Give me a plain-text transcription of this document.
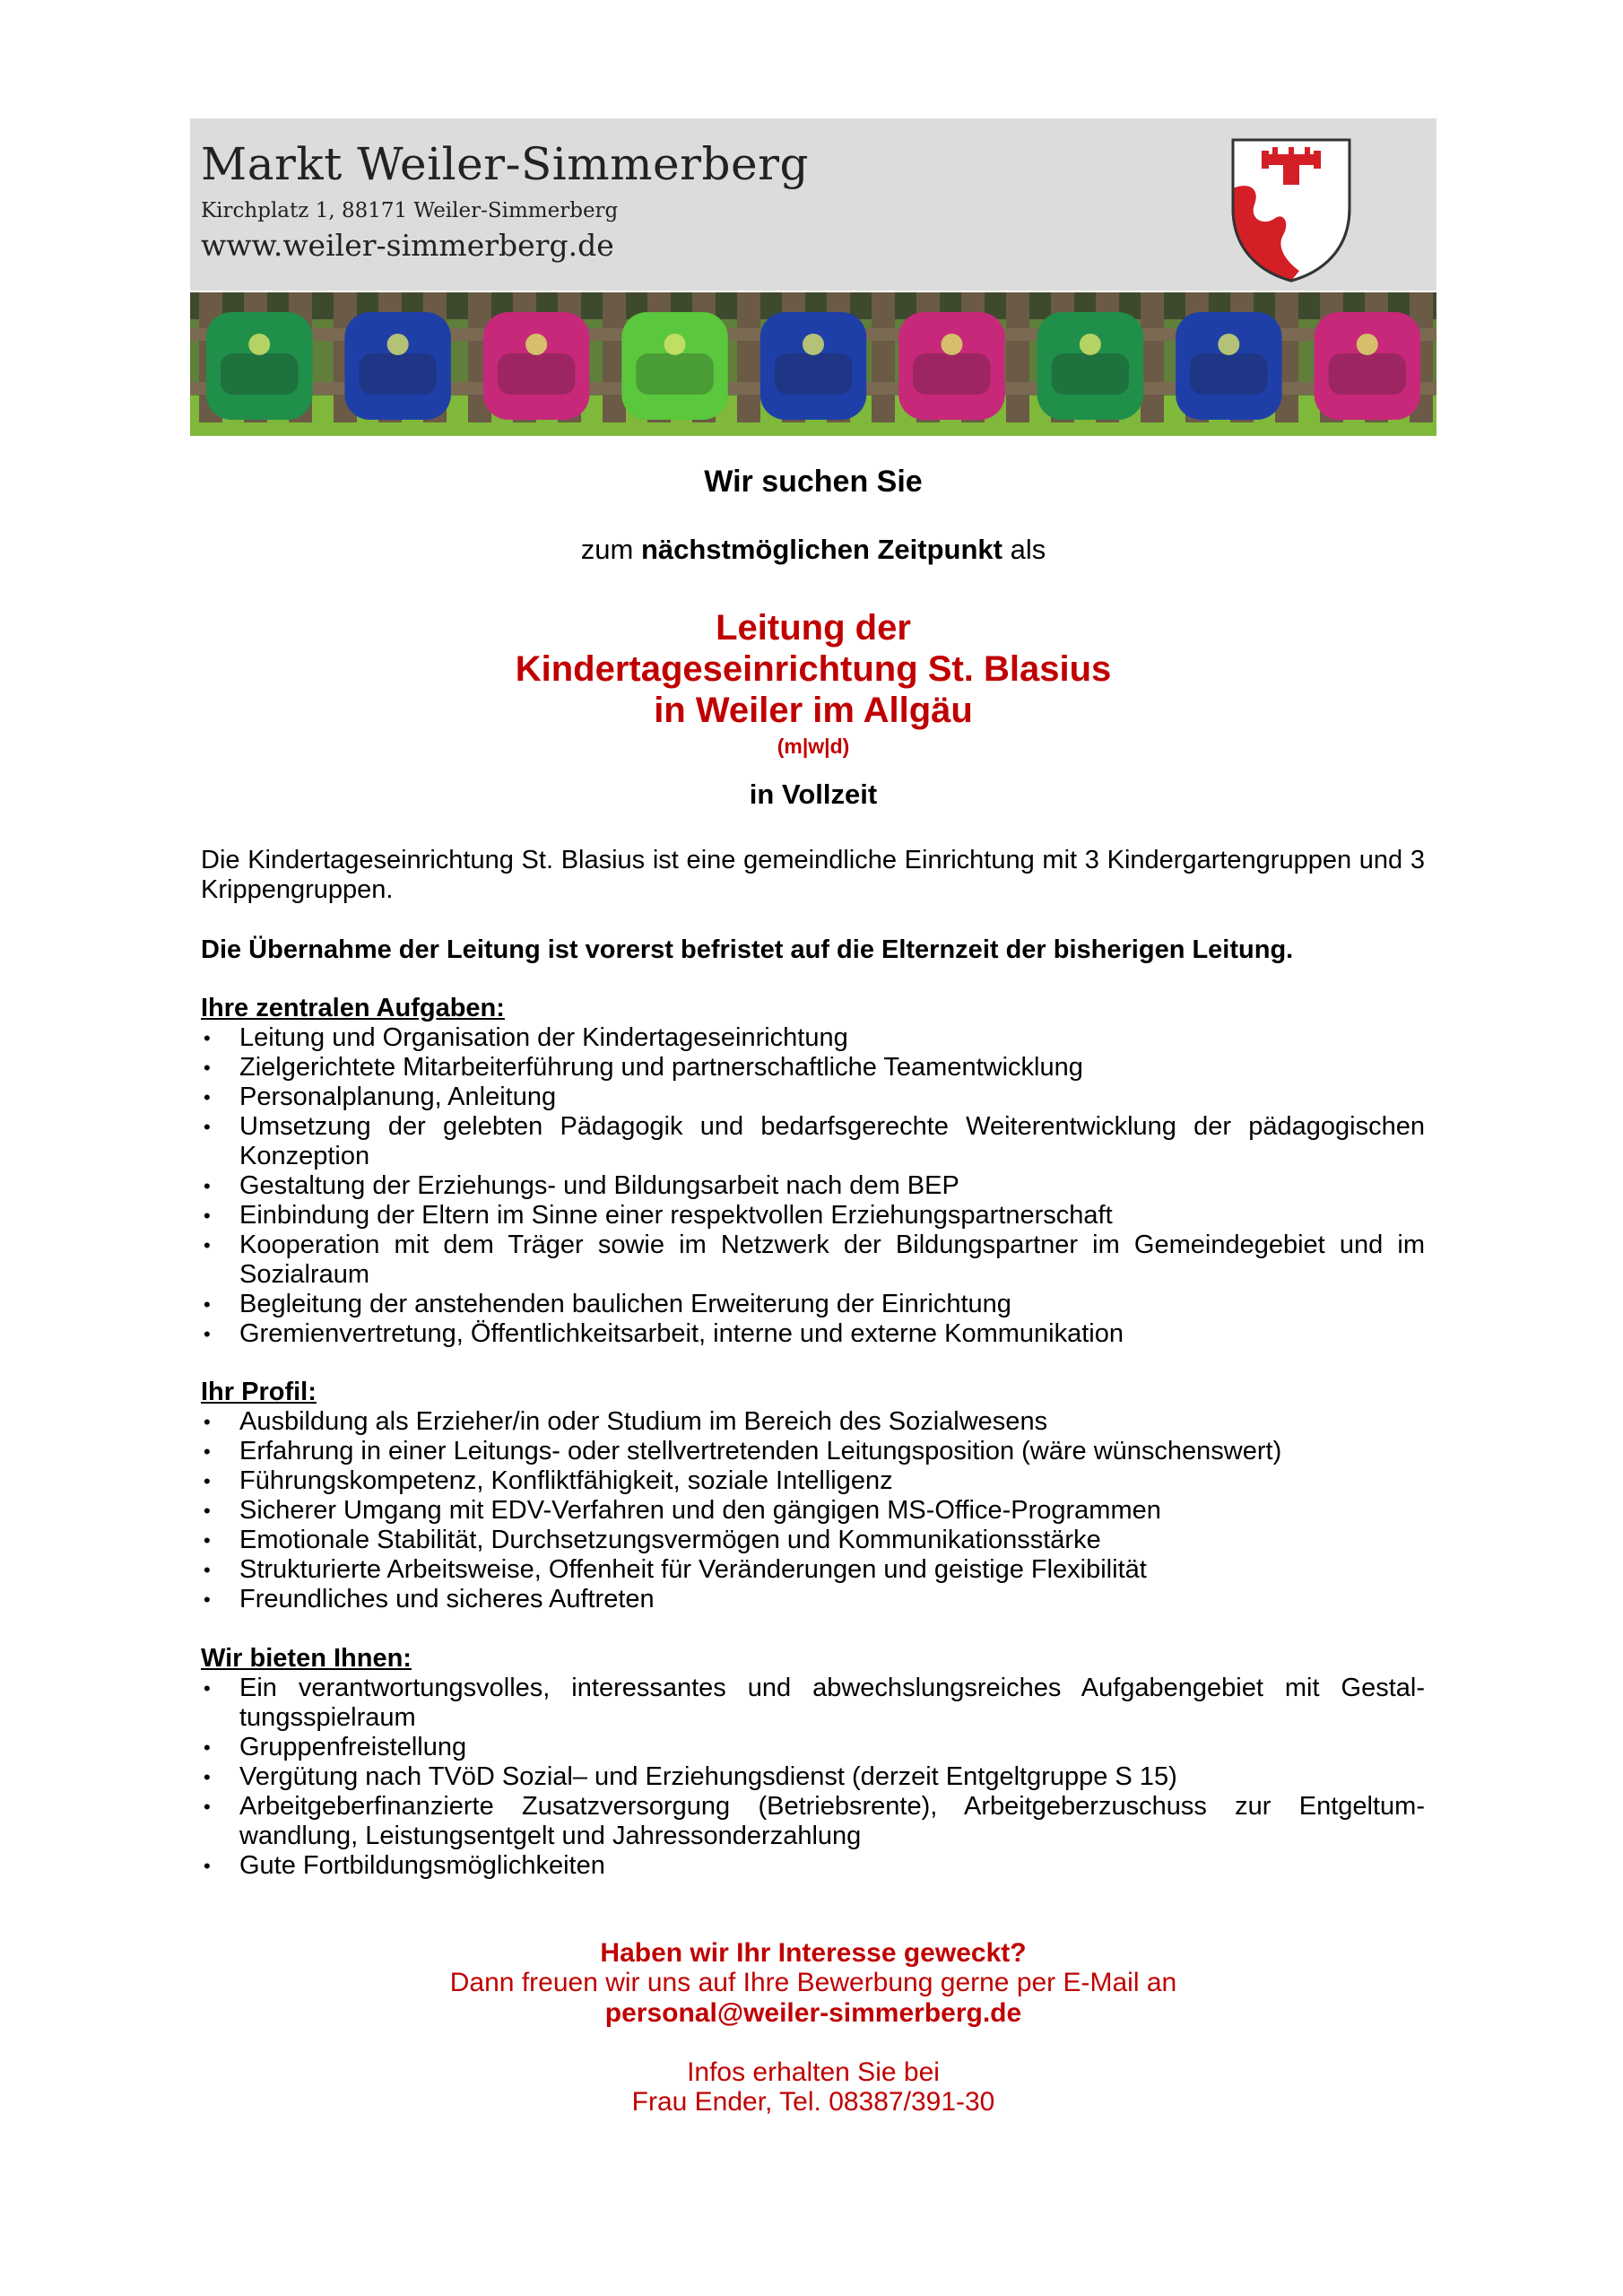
Markt Weiler-Simmerberg
Kirchplatz 1, 88171 Weiler-Simmerberg
www.weiler-simmerberg.de
Wir suchen Sie
zum nächstmöglichen Zeitpunkt als
Leitung der
Kindertageseinrichtung St. Blasius
in Weiler im Allgäu
(m|w|d)
in Vollzeit
Die Kindertageseinrichtung St. Blasius ist eine gemeindliche Einrichtung mit 3 Kindergartengruppen und 3 Krippengruppen.
Die Übernahme der Leitung ist vorerst befristet auf die Elternzeit der bisherigen Leitung.
Ihre zentralen Aufgaben:
• Leitung und Organisation der Kindertageseinrichtung
• Zielgerichtete Mitarbeiterführung und partnerschaftliche Teamentwicklung
• Personalplanung, Anleitung
• Umsetzung der gelebten Pädagogik und bedarfsgerechte Weiterentwicklung der pädagogischen Konzeption
• Gestaltung der Erziehungs- und Bildungsarbeit nach dem BEP
• Einbindung der Eltern im Sinne einer respektvollen Erziehungspartnerschaft
• Kooperation mit dem Träger sowie im Netzwerk der Bildungspartner im Gemeindegebiet und im Sozialraum
• Begleitung der anstehenden baulichen Erweiterung der Einrichtung
• Gremienvertretung, Öffentlichkeitsarbeit, interne und externe Kommunikation
Ihr Profil:
• Ausbildung als Erzieher/in oder Studium im Bereich des Sozialwesens
• Erfahrung in einer Leitungs- oder stellvertretenden Leitungsposition (wäre wünschenswert)
• Führungskompetenz, Konfliktfähigkeit, soziale Intelligenz
• Sicherer Umgang mit EDV-Verfahren und den gängigen MS-Office-Programmen
• Emotionale Stabilität, Durchsetzungsvermögen und Kommunikationsstärke
• Strukturierte Arbeitsweise, Offenheit für Veränderungen und geistige Flexibilität
• Freundliches und sicheres Auftreten
Wir bieten Ihnen:
• Ein verantwortungsvolles, interessantes und abwechslungsreiches Aufgabengebiet mit Gestaltungsspielraum
• Gruppenfreistellung
• Vergütung nach TVöD Sozial– und Erziehungsdienst (derzeit Entgeltgruppe S 15)
• Arbeitgeberfinanzierte Zusatzversorgung (Betriebsrente), Arbeitgeberzuschuss zur Entgeltumwandlung, Leistungsentgelt und Jahressonderzahlung
• Gute Fortbildungsmöglichkeiten
Haben wir Ihr Interesse geweckt?
Dann freuen wir uns auf Ihre Bewerbung gerne per E-Mail an
personal@weiler-simmerberg.de
Infos erhalten Sie bei
Frau Ender, Tel. 08387/391-30
